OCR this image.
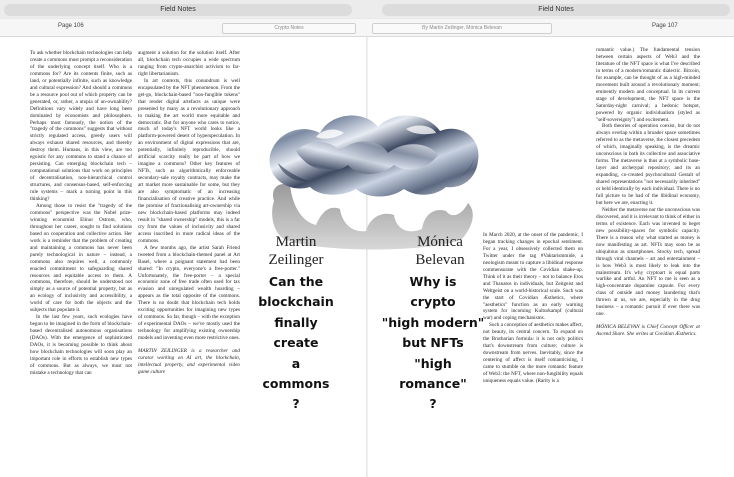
Field Notes	Field Notes
Page 106	Crypto Notes	By Martin Zeilinger, Mónica Belevan	Page 107

To ask whether blockchain technologies can help create a commons must prompt a reconsideration of the underlying concept itself. Who is a commons for? Are its contents finite, such as land, or potentially infinite, such as knowledge and cultural expression? And should a commons be a resource pool out of which property can be generated, or, rather, a utopia of un-ownability? Definitions vary widely and have long been dominated by economists and philosophers. Perhaps most famously, the notion of the "tragedy of the commons" suggests that without strictly regulated access, greedy users will always exhaust shared resources, and thereby destroy them. Humans, in this view, are too egoistic for any commons to stand a chance of persisting. Can emerging blockchain tech – computational solutions that work on principles of decentralisation, non-hierarchical control structures, and consensus-based, self-enforcing rule systems – mark a turning point in this thinking?

Among those to resist the "tragedy of the commons" perspective was the Nobel prize-winning economist Elinor Ostrom, who, throughout her career, sought to find solutions based on cooperation and collective action. Her work is a reminder that the problem of creating and maintaining a commons has never been purely technological in nature – instead, a commons also requires well, a commonly enacted commitment to safeguarding shared resources and equitable access to them. A commons, therefore, should be understood not simply as a source of potential property, but as an ecology of inclusivity and accessibility, a world of care for both the objects and the subjects that populate it.

In the last few years, such ecologies have begun to be imagined in the form of blockchain-based decentralised autonomous organisations (DAOs). With the emergence of sophisticated DAOs, it is becoming possible to think about how blockchain technologies will soon play an important role in efforts to establish new types of commons. But as always, we must not mistake a technology that can

augment a solution for the solution itself. After all, blockchain tech occupies a wide spectrum ranging from crypto-anarchist activism to far-right libertarianism.

In art contexts, this conundrum is well encapsulated by the NFT phenomenon. From the get-go, blockchain-based "non-fungible tokens" that render digital artefacts as unique were presented by many as a revolutionary approach to making the art world more equitable and democratic. But for anyone who cares to notice, much of today's NFT world looks like a platform-powered desert of hyperspeculation. In an environment of digital expressions that are, potentially, infinitely reproducible, should artificial scarcity really be part of how we imagine a commons? Other key features of NFTs, such as algorithmically enforceable secondary-sale royalty contracts, may make the art market more sustainable for some, but they are also symptomatic of an increasing financialisation of creative practice. And while the promise of fractionalising art-ownership via new blockchain-based platforms may indeed result in "shared ownership" models, this is a far cry from the values of inclusivity and shared access inscribed in more radical ideas of the commons.

A few months ago, the artist Sarah Friend tweeted from a blockchain-themed panel at Art Basel, where a poignant statement had been shared: "In crypto, everyone's a free-porter." Unfortunately, the free-porter – a special economic zone of free trade often used for tax evasion and unregulated wealth hoarding – appears as the total opposite of the commons. There is no doubt that blockchain tech holds exciting opportunities for imagining new types of commons. So far, though – with the exception of experimental DAOs – we've mostly used the technology for amplifying existing ownership models and inventing even more restrictive ones.

MARTIN ZEILINGER is a researcher and curator working on AI art, the blockchain, intellectual property, and experimental video game culture

Martin
Zeilinger
Can the
blockchain
finally
create
a
commons
?
Mónica
Belevan
Why is
crypto
"high modern"
but NFTs
"high
romance"
?

In March 2020, at the onset of the pandemic, I began tracking changes in epochal sentiment. For a year, I obsessively collected them on Twitter under the tag #Vaktarismmide, a neologism meant to capture a libidinal response commensurate with the Covidian shake-up. Think of it as their theory – not to balance Eros and Thanatos in individuals, but Zeitgeist and Weltgeist on a world-historical scale. Such was the start of Covidian Æsthetics, where "aesthetics" function as an early warning system for incoming Kulturkampf (cultural war) and coping mechanisms.

Such a conception of aesthetics makes affect, not beauty, its central concern. To expand on the Brutbarian formula: it is not only politics that's downstream from culture; culture is downstream from nerves. Inevitably, since the centering of affect is itself romanticising, I came to stumble on the more romantic feature of Web3: the NFT, where non-fungibility equals uniqueness equals value. (Rarity is a

romantic value.) The fundamental tension between certain aspects of Web3 and the literature of the NFT space is what I've described in terms of a modern/romantic dialectic. Bitcoin, for example, can be thought of as a high-minded movement built around a revolutionary moment; eminently modern and conceptual. In its current stage of development, the NFT space is the Saturday-night carnival; a hedonic hotspot, powered by organic individualism (styled as "self-sovereignty") and excitement.

Both theories of operation coexist, but do not always overlap within a broader space sometimes referred to as the metaverse, the closest precedent of which, imaginally speaking, is the dreamic unconscious in both its collective and associative forms. The metaverse is thus at a symbolic base-layer and archetypal repository; and its an expanding, co-created psychocultural Gestalt of shared representations "not necessarily inherited" or held identically by each individual. There is no full picture to be had of the libidinal economy, but here we are, enacting it.

Neither the metaverse nor the unconscious was discovered, and it is irrelevant to think of either in terms of existence. Each was invented to beget new possibility-spaces for symbolic capacity. There is a reason why what started as money is now manifesting as art. NFTs may soon be as ubiquitous as smartphones. Stocky tech, spread through viral channels – art and entertainment – is how Web3 is most likely to leak into the mainstream. It's why cryptoart is equal parts warlike and artful. An NFT to me is seen as a high-concentrate dopamine capsule. For every class of outside and money laundering that's thrown at us, we are, especially in the drug business – a romantic pursuit if ever there was one.

MÓNICA BELEVAN is Chief Concept Officer at Ascend Share. She writes at Covidian Æsthetics.
